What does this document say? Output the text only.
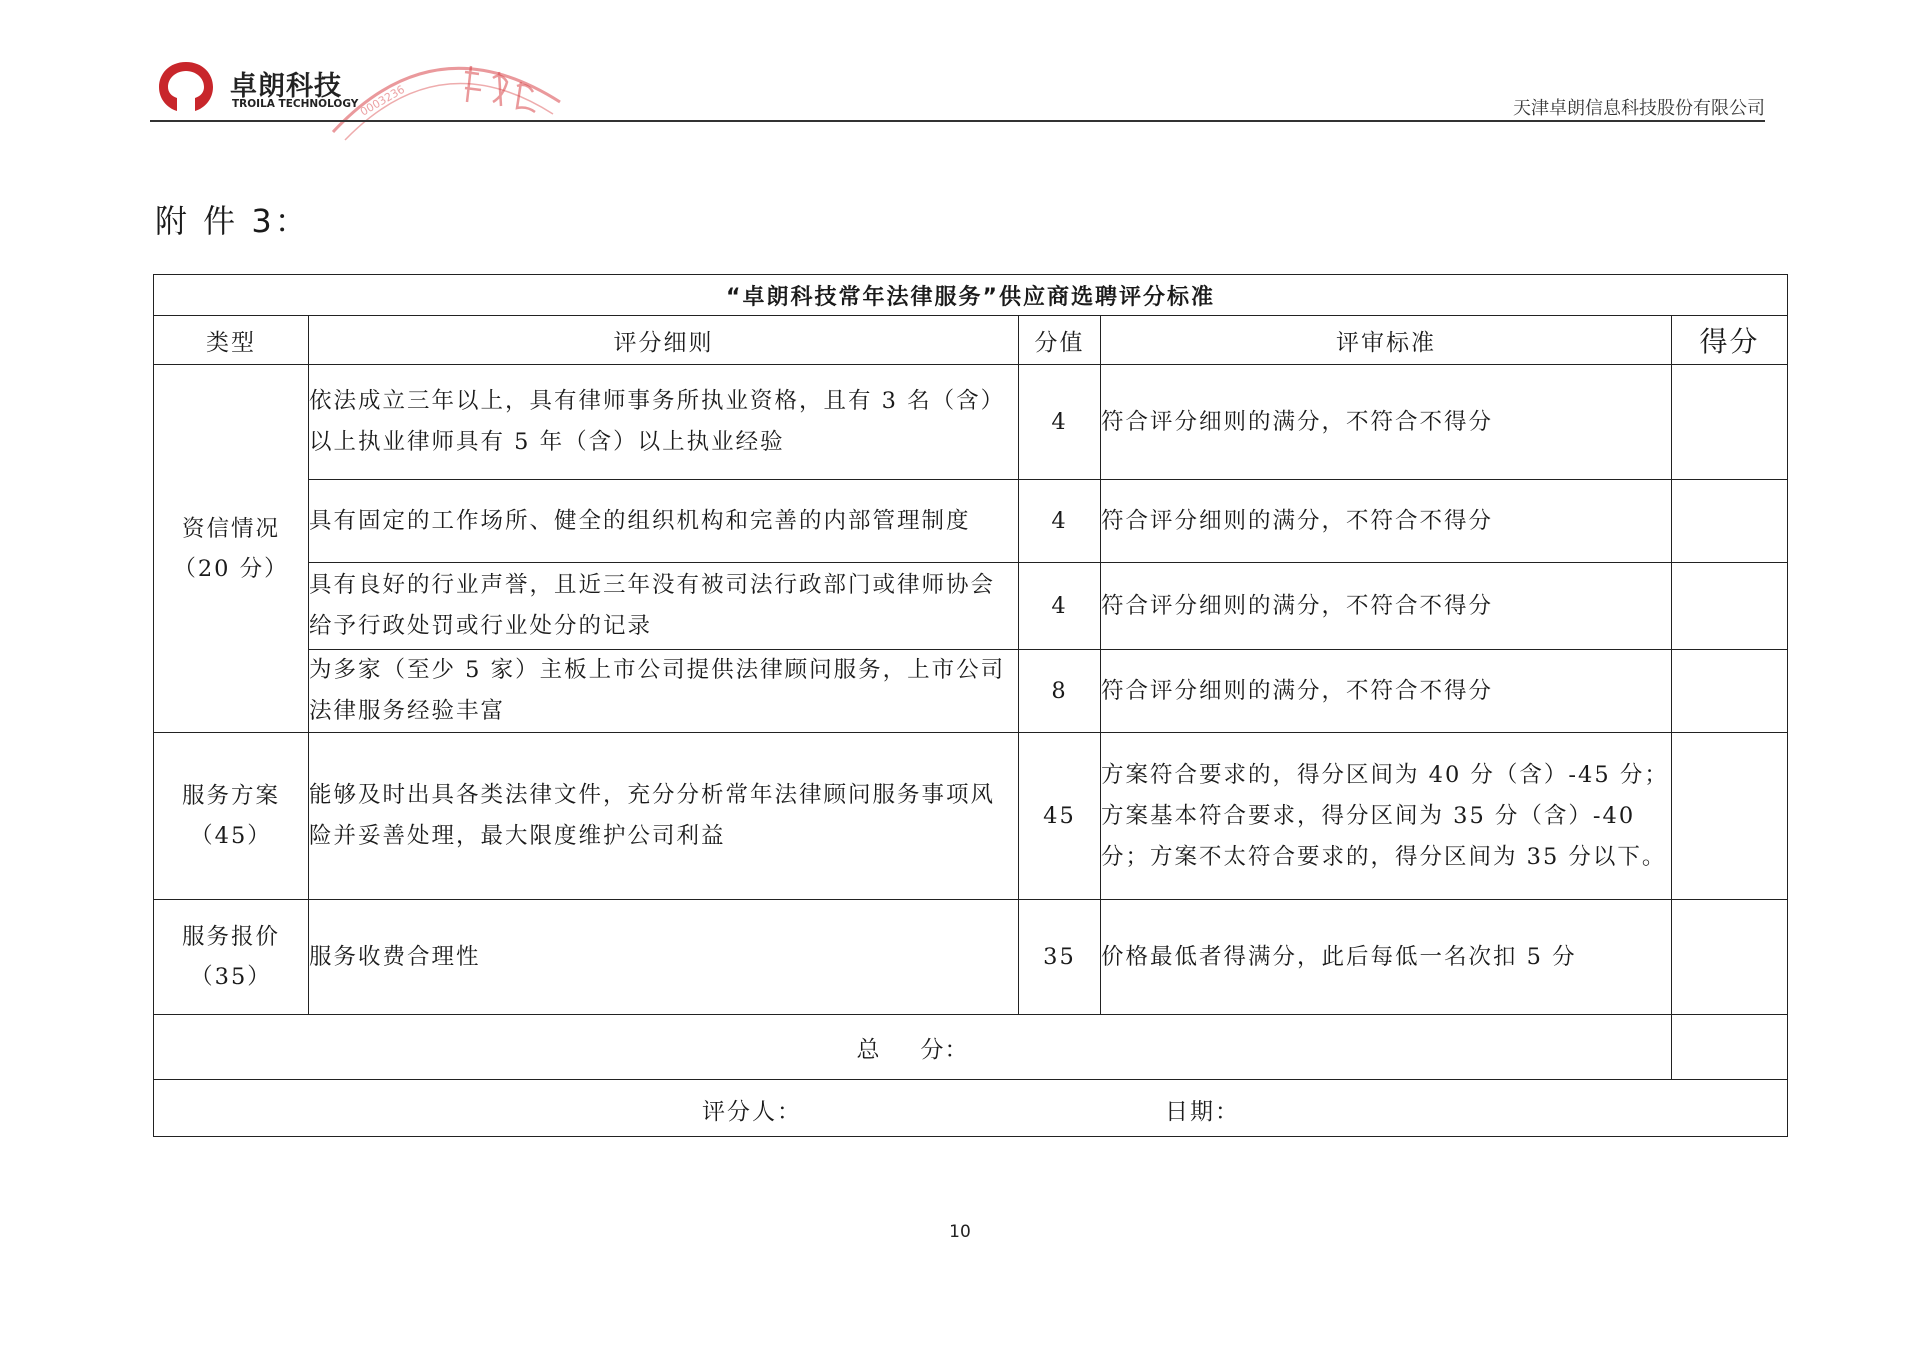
卓朗科技
TROILA TECHNOLOGY 0003236	天津卓朗信息科技股份有限公司
附 件 3：
“卓朗科技常年法律服务”供应商选聘评分标准				
类型	评分细则	分值	评审标准	得分

资信情况
（20 分）	依法成立三年以上，具有律师事务所执业资格，且有 3 名（含）以上执业律师具有 5 年（含）以上执业经验	4	符合评分细则的满分，不符合不得分	
	具有固定的工作场所、健全的组织机构和完善的内部管理制度	4	符合评分细则的满分，不符合不得分	
	具有良好的行业声誉，且近三年没有被司法行政部门或律师协会给予行政处罚或行业处分的记录	4	符合评分细则的满分，不符合不得分	
	为多家（至少 5 家）主板上市公司提供法律顾问服务，上市公司法律服务经验丰富	8	符合评分细则的满分，不符合不得分	

服务方案
（45）	能够及时出具各类法律文件，充分分析常年法律顾问服务事项风险并妥善处理，最大限度维护公司利益	45	方案符合要求的，得分区间为 40 分（含）-45 分；方案基本符合要求，得分区间为 35 分（含）-40 分；方案不太符合要求的，得分区间为 35 分以下。	

服务报价
（35）	服务收费合理性	35	价格最低者得满分，此后每低一名次扣 5 分	
总 分：				

评分人： 日期：				
10
